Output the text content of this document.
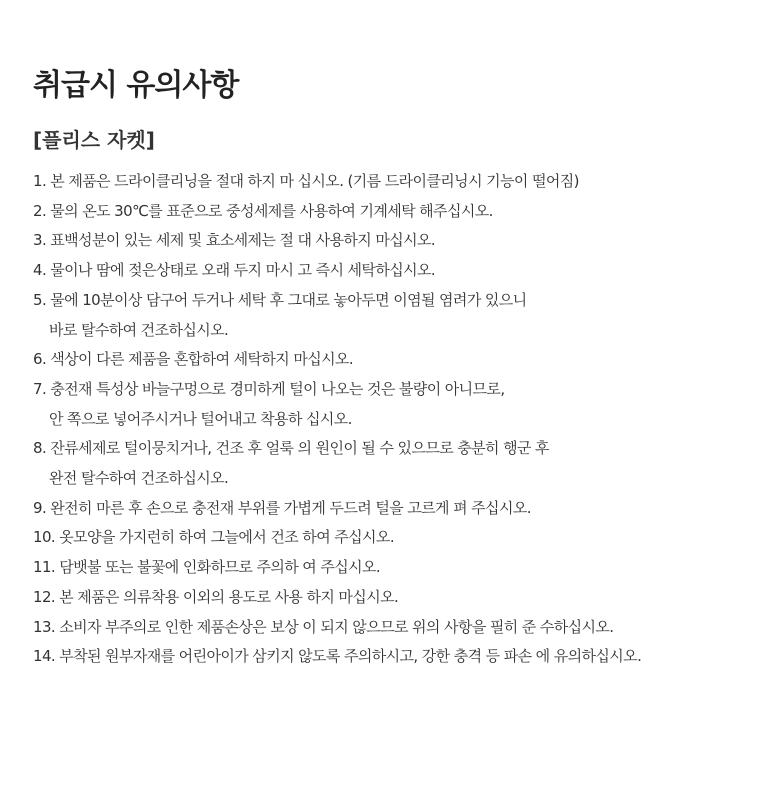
취급시 유의사항
[플리스 자켓]
1. 본 제품은 드라이클리닝을 절대 하지 마 십시오. (기름 드라이클리닝시 기능이 떨어짐)
2. 물의 온도 30℃를 표준으로 중성세제를 사용하여 기계세탁 해주십시오.
3. 표백성분이 있는 세제 및 효소세제는 절 대 사용하지 마십시오.
4. 물이나 땀에 젖은상태로 오래 두지 마시 고 즉시 세탁하십시오.
5. 물에 10분이상 담구어 두거나 세탁 후 그대로 놓아두면 이염될 염려가 있으니
바로 탈수하여 건조하십시오.
6. 색상이 다른 제품을 혼합하여 세탁하지 마십시오.
7. 충전재 특성상 바늘구멍으로 경미하게 털이 나오는 것은 불량이 아니므로,
안 쪽으로 넣어주시거나 털어내고 착용하 십시오.
8. 잔류세제로 털이뭉치거나, 건조 후 얼룩 의 원인이 될 수 있으므로 충분히 행군 후
완전 탈수하여 건조하십시오.
9. 완전히 마른 후 손으로 충전재 부위를 가볍게 두드려 털을 고르게 펴 주십시오.
10. 옷모양을 가지런히 하여 그늘에서 건조 하여 주십시오.
11. 담뱃불 또는 불꽃에 인화하므로 주의하 여 주십시오.
12. 본 제품은 의류착용 이외의 용도로 사용 하지 마십시오.
13. 소비자 부주의로 인한 제품손상은 보상 이 되지 않으므로 위의 사항을 필히 준 수하십시오.
14. 부착된 원부자재를 어린아이가 삼키지 않도록 주의하시고, 강한 충격 등 파손 에 유의하십시오.
